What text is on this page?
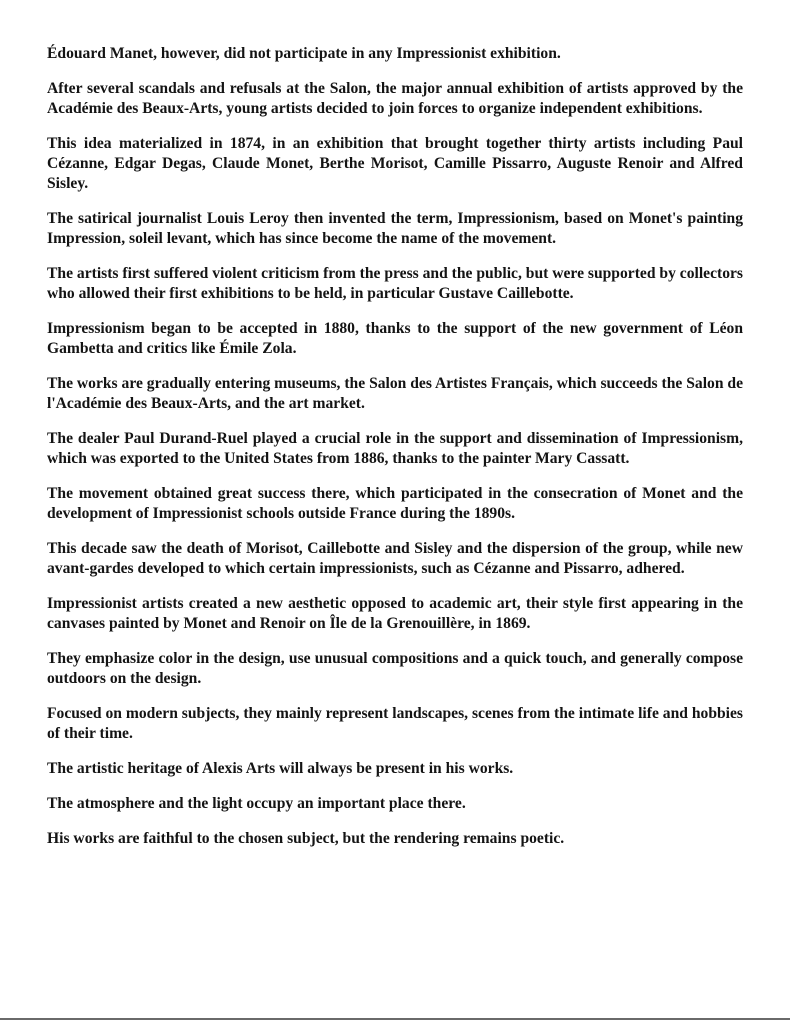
Édouard Manet, however, did not participate in any Impressionist exhibition.

After several scandals and refusals at the Salon, the major annual exhibition of artists approved by the Académie des Beaux-Arts, young artists decided to join forces to organize independent exhibitions.

This idea materialized in 1874, in an exhibition that brought together thirty artists including Paul Cézanne, Edgar Degas, Claude Monet, Berthe Morisot, Camille Pissarro, Auguste Renoir and Alfred Sisley.

The satirical journalist Louis Leroy then invented the term, Impressionism, based on Monet's painting Impression, soleil levant, which has since become the name of the movement.

The artists first suffered violent criticism from the press and the public, but were supported by collectors who allowed their first exhibitions to be held, in particular Gustave Caillebotte.

Impressionism began to be accepted in 1880, thanks to the support of the new government of Léon Gambetta and critics like Émile Zola.

The works are gradually entering museums, the Salon des Artistes Français, which succeeds the Salon de l'Académie des Beaux-Arts, and the art market.

The dealer Paul Durand-Ruel played a crucial role in the support and dissemination of Impressionism, which was exported to the United States from 1886, thanks to the painter Mary Cassatt.

The movement obtained great success there, which participated in the consecration of Monet and the development of Impressionist schools outside France during the 1890s.

This decade saw the death of Morisot, Caillebotte and Sisley and the dispersion of the group, while new avant-gardes developed to which certain impressionists, such as Cézanne and Pissarro, adhered.

Impressionist artists created a new aesthetic opposed to academic art, their style first appearing in the canvases painted by Monet and Renoir on Île de la Grenouillère, in 1869.

They emphasize color in the design, use unusual compositions and a quick touch, and generally compose outdoors on the design.

Focused on modern subjects, they mainly represent landscapes, scenes from the intimate life and hobbies of their time.

The artistic heritage of Alexis Arts will always be present in his works.

The atmosphere and the light occupy an important place there.

His works are faithful to the chosen subject, but the rendering remains poetic.
